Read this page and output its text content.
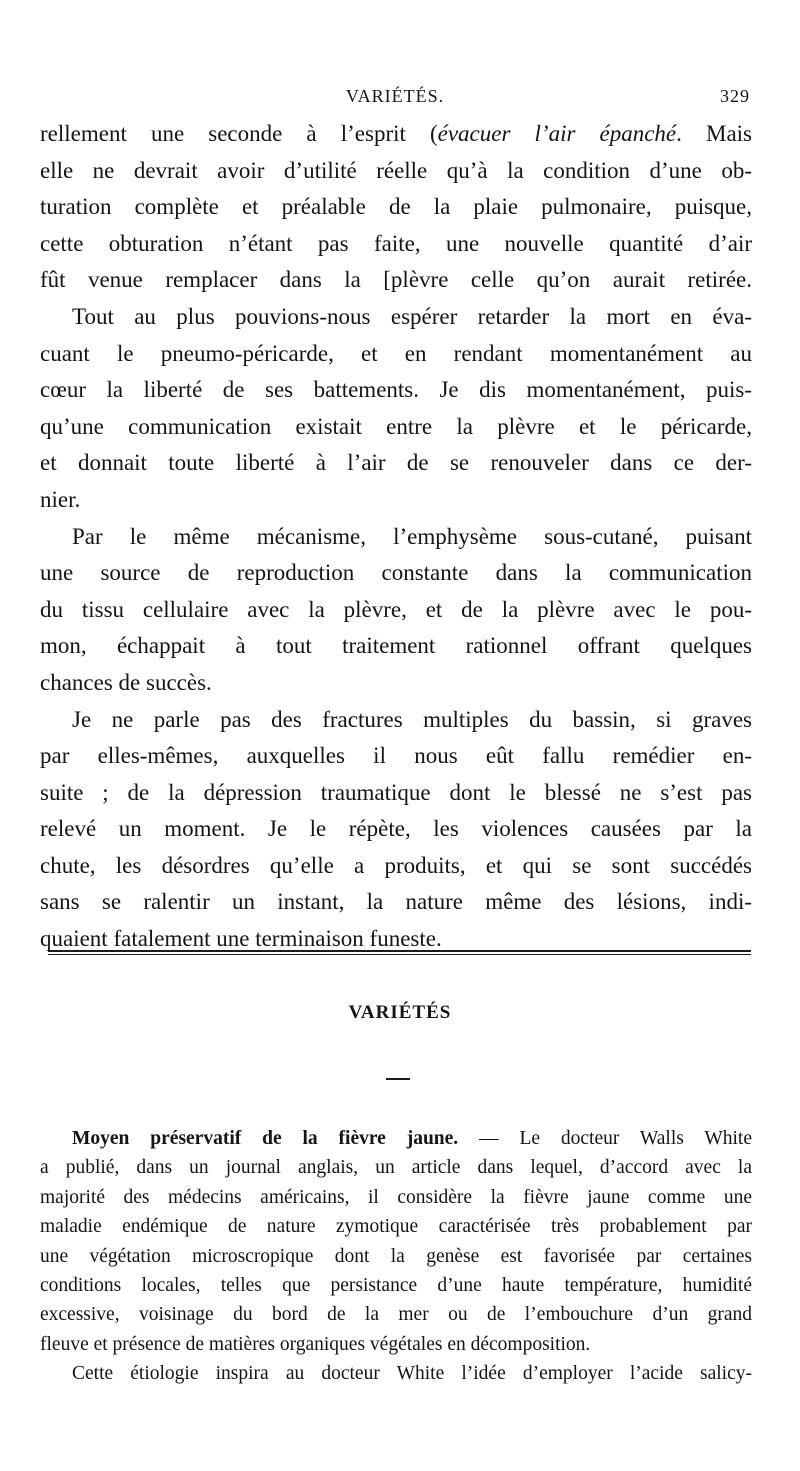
VARIÉTÉS.	329
rellement une seconde à l’esprit (évacuer l’air épanché. Mais
elle ne devrait avoir d’utilité réelle qu’à la condition d’une ob-
turation complète et préalable de la plaie pulmonaire, puisque,
cette obturation n’étant pas faite, une nouvelle quantité d’air
fût venue remplacer dans la [plèvre celle qu’on aurait retirée.
Tout au plus pouvions-nous espérer retarder la mort en éva-
cuant le pneumo-péricarde, et en rendant momentanément au
cœur la liberté de ses battements. Je dis momentanément, puis-
qu’une communication existait entre la plèvre et le péricarde,
et donnait toute liberté à l’air de se renouveler dans ce der-
nier.
Par le même mécanisme, l’emphysème sous-cutané, puisant
une source de reproduction constante dans la communication
du tissu cellulaire avec la plèvre, et de la plèvre avec le pou-
mon, échappait à tout traitement rationnel offrant quelques
chances de succès.
Je ne parle pas des fractures multiples du bassin, si graves
par elles-mêmes, auxquelles il nous eût fallu remédier en-
suite ; de la dépression traumatique dont le blessé ne s’est pas
relevé un moment. Je le répète, les violences causées par la
chute, les désordres qu’elle a produits, et qui se sont succédés
sans se ralentir un instant, la nature même des lésions, indi-
quaient fatalement une terminaison funeste.
VARIÉTÉS
Moyen préservatif de la fièvre jaune. — Le docteur Walls White
a publié, dans un journal anglais, un article dans lequel, d’accord avec la
majorité des médecins américains, il considère la fièvre jaune comme une
maladie endémique de nature zymotique caractérisée très probablement par
une végétation microscropique dont la genèse est favorisée par certaines
conditions locales, telles que persistance d’une haute température, humidité
excessive, voisinage du bord de la mer ou de l’embouchure d’un grand
fleuve et présence de matières organiques végétales en décomposition.
Cette étiologie inspira au docteur White l’idée d’employer l’acide salicy-
